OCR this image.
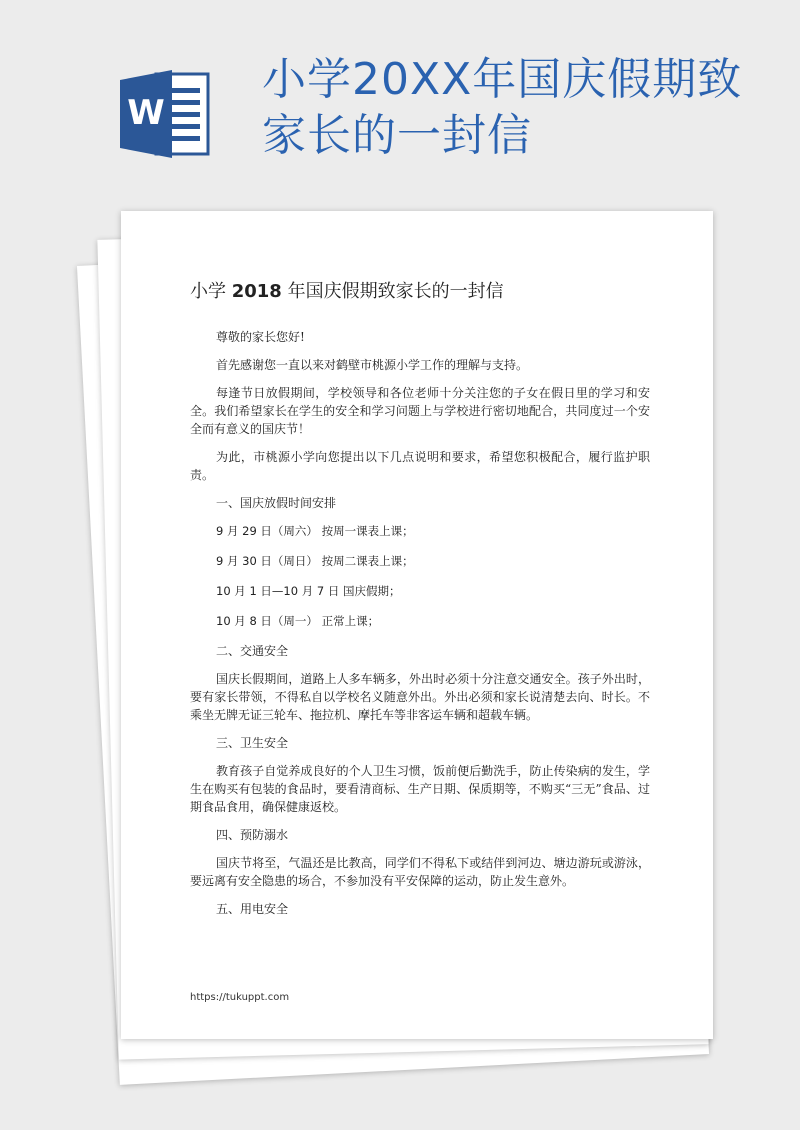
W
小学20XX年国庆假期致家长的一封信
小学 2018 年国庆假期致家长的一封信
尊敬的家长您好!
首先感谢您一直以来对鹤壁市桃源小学工作的理解与支持。
每逢节日放假期间，学校领导和各位老师十分关注您的子女在假日里的学习和安全。我们希望家长在学生的安全和学习问题上与学校进行密切地配合，共同度过一个安全而有意义的国庆节！
为此，市桃源小学向您提出以下几点说明和要求，希望您积极配合，履行监护职责。
一、国庆放假时间安排
9 月 29 日（周六） 按周一课表上课；
9 月 30 日（周日） 按周二课表上课；
10 月 1 日—10 月 7 日 国庆假期；
10 月 8 日（周一） 正常上课；
二、交通安全
国庆长假期间，道路上人多车辆多，外出时必须十分注意交通安全。孩子外出时，要有家长带领，不得私自以学校名义随意外出。外出必须和家长说清楚去向、时长。不乘坐无牌无证三轮车、拖拉机、摩托车等非客运车辆和超载车辆。
三、卫生安全
教育孩子自觉养成良好的个人卫生习惯，饭前便后勤洗手，防止传染病的发生，学生在购买有包装的食品时，要看清商标、生产日期、保质期等，不购买“三无”食品、过期食品食用，确保健康返校。
四、预防溺水
国庆节将至，气温还是比教高，同学们不得私下或结伴到河边、塘边游玩或游泳，要远离有安全隐患的场合，不参加没有平安保障的运动，防止发生意外。
五、用电安全
https://tukuppt.com
